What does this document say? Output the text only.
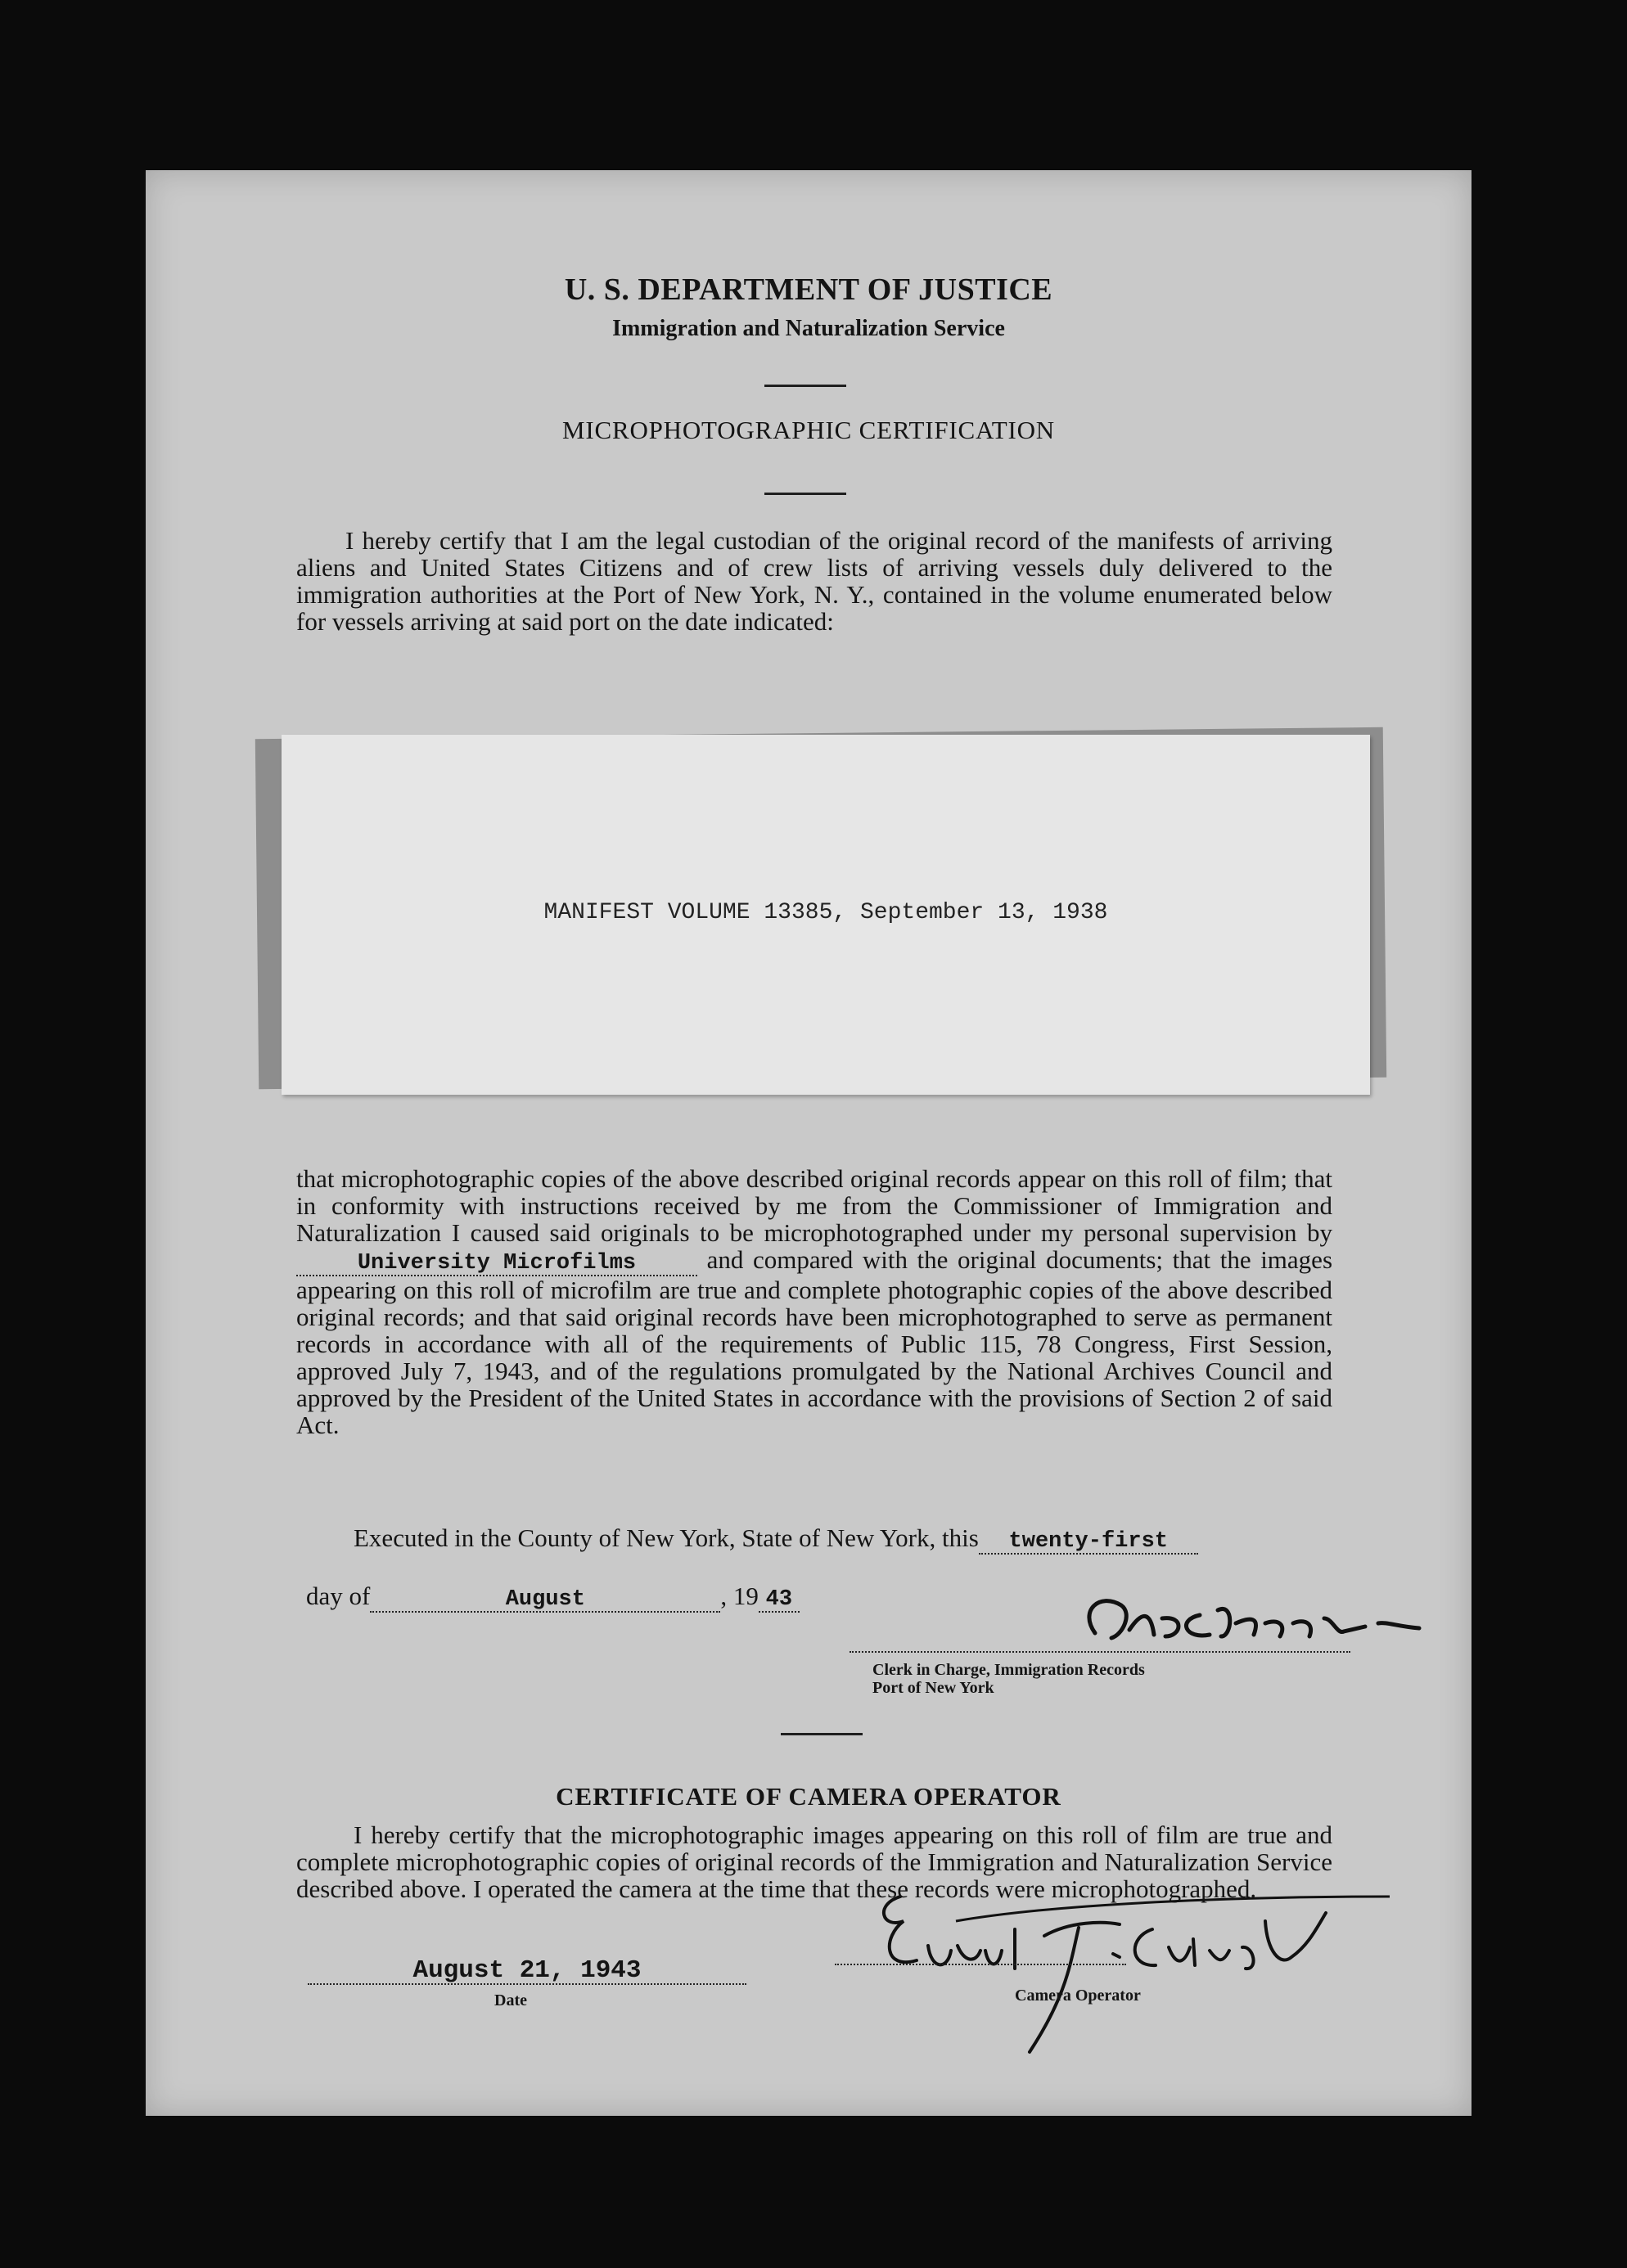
U. S. DEPARTMENT OF JUSTICE
Immigration and Naturalization Service
MICROPHOTOGRAPHIC CERTIFICATION
I hereby certify that I am the legal custodian of the original record of the manifests of arriving aliens and United States Citizens and of crew lists of arriving vessels duly delivered to the immigration authorities at the Port of New York, N. Y., contained in the volume enumerated below for vessels arriving at said port on the date indicated:
MANIFEST VOLUME 13385, September 13, 1938
that microphotographic copies of the above described original records appear on this roll of film; that in conformity with instructions received by me from the Commissioner of Immigration and Naturalization I caused said originals to be microphotographed under my personal supervision by University Microfilms	and compared with the original documents; that the images appearing on this roll of microfilm are true and complete photographic copies of the above described original records; and that said original records have been microphotographed to serve as permanent records in accordance with all of the requirements of Public 115, 78 Congress, First Session, approved July 7, 1943, and of the regulations promulgated by the National Archives Council and approved by the President of the United States in accordance with the provisions of Section 2 of said Act.
Executed in the County of New York, State of New York, this twenty-first
day of	August	, 19 43
Clerk in Charge, Immigration Records
Port of New York
CERTIFICATE OF CAMERA OPERATOR
I hereby certify that the microphotographic images appearing on this roll of film are true and complete microphotographic copies of original records of the Immigration and Naturalization Service described above. I operated the camera at the time that these records were microphotographed.
August 21, 1943
Date	Camera Operator
